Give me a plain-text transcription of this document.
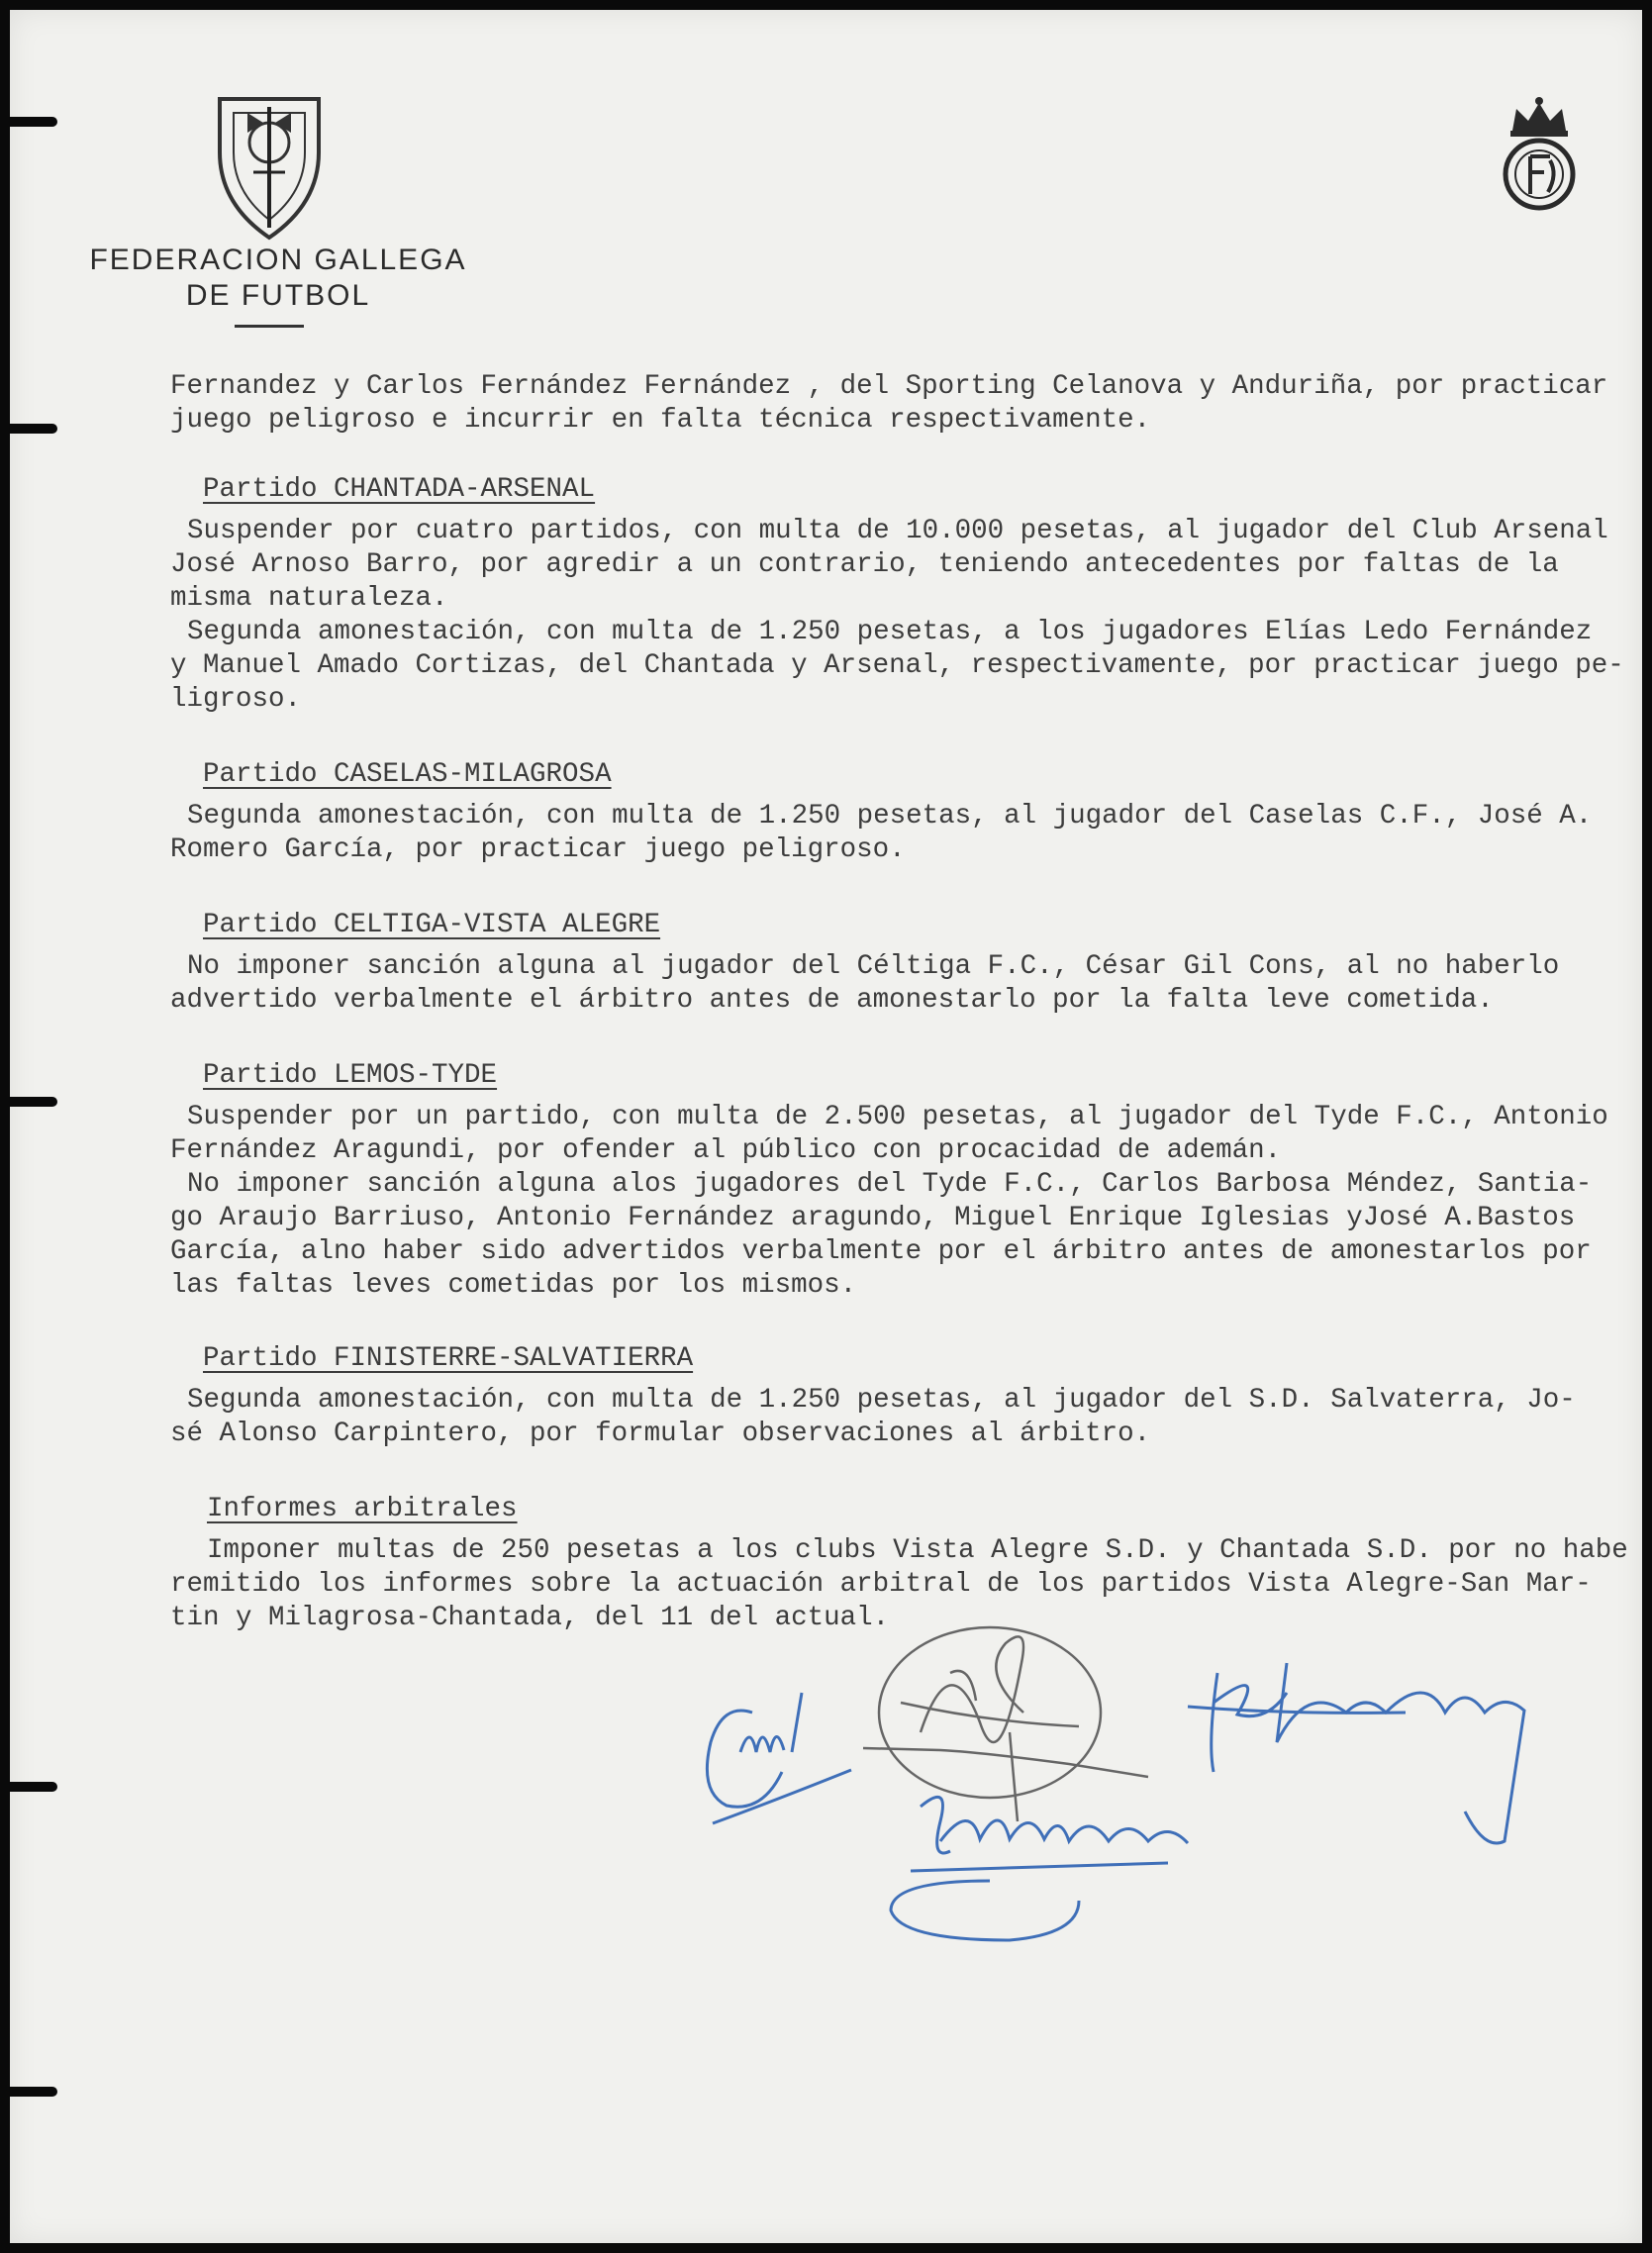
FEDERACION GALLEGA
DE FUTBOL
Fernandez y Carlos Fernández Fernández , del Sporting Celanova y Anduriña, por practicar
juego peligroso e incurrir en falta técnica respectivamente.
Partido CHANTADA-ARSENAL
Suspender por cuatro partidos, con multa de 10.000 pesetas, al jugador del Club Arsenal
José Arnoso Barro, por agredir a un contrario, teniendo antecedentes por faltas de la
misma naturaleza.
Segunda amonestación, con multa de 1.250 pesetas, a los jugadores Elías Ledo Fernández
y Manuel Amado Cortizas, del Chantada y Arsenal, respectivamente, por practicar juego pe-
ligroso.
Partido CASELAS-MILAGROSA
Segunda amonestación, con multa de 1.250 pesetas, al jugador del Caselas C.F., José A.
Romero García, por practicar juego peligroso.
Partido CELTIGA-VISTA ALEGRE
No imponer sanción alguna al jugador del Céltiga F.C., César Gil Cons, al no haberlo
advertido verbalmente el árbitro antes de amonestarlo por la falta leve cometida.
Partido LEMOS-TYDE
Suspender por un partido, con multa de 2.500 pesetas, al jugador del Tyde F.C., Antonio
Fernández Aragundi, por ofender al público con procacidad de ademán.
No imponer sanción alguna alos jugadores del Tyde F.C., Carlos Barbosa Méndez, Santia-
go Araujo Barriuso, Antonio Fernández aragundo, Miguel Enrique Iglesias yJosé A.Bastos
García, alno haber sido advertidos verbalmente por el árbitro antes de amonestarlos por
las faltas leves cometidas por los mismos.
Partido FINISTERRE-SALVATIERRA
Segunda amonestación, con multa de 1.250 pesetas, al jugador del S.D. Salvaterra, Jo-
sé Alonso Carpintero, por formular observaciones al árbitro.
Informes arbitrales
Imponer multas de 250 pesetas a los clubs Vista Alegre S.D. y Chantada S.D. por no habe
remitido los informes sobre la actuación arbitral de los partidos Vista Alegre-San Mar-
tin y Milagrosa-Chantada, del 11 del actual.
